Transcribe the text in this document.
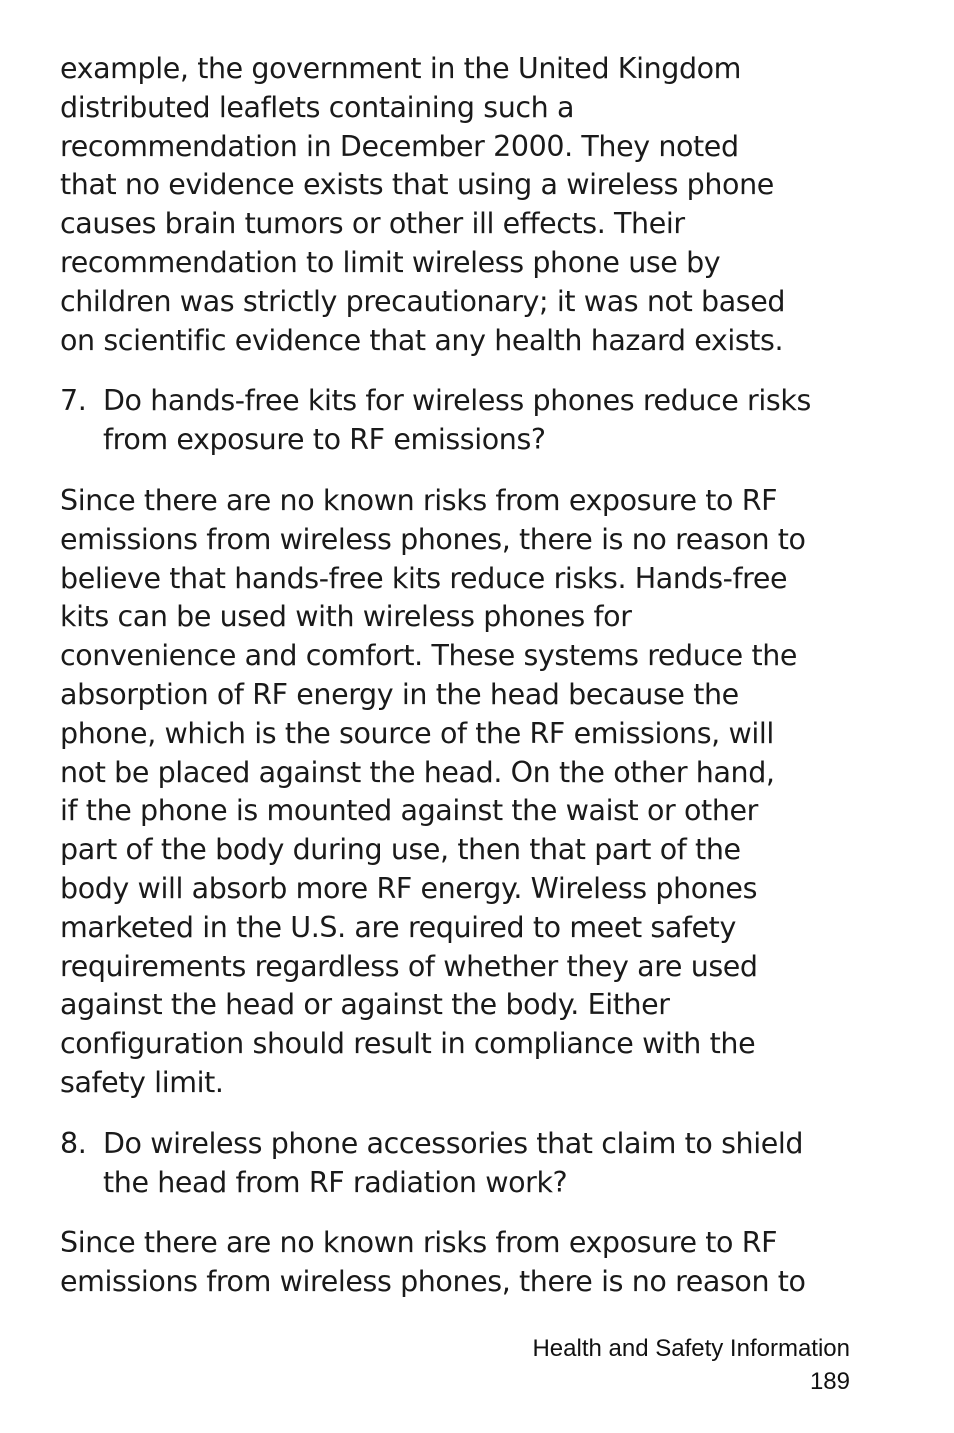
example, the government in the United Kingdom
distributed leaflets containing such a
recommendation in December 2000. They noted
that no evidence exists that using a wireless phone
causes brain tumors or other ill effects. Their
recommendation to limit wireless phone use by
children was strictly precautionary; it was not based
on scientific evidence that any health hazard exists.
7. Do hands-free kits for wireless phones reduce risks
from exposure to RF emissions?
Since there are no known risks from exposure to RF
emissions from wireless phones, there is no reason to
believe that hands-free kits reduce risks. Hands-free
kits can be used with wireless phones for
convenience and comfort. These systems reduce the
absorption of RF energy in the head because the
phone, which is the source of the RF emissions, will
not be placed against the head. On the other hand,
if the phone is mounted against the waist or other
part of the body during use, then that part of the
body will absorb more RF energy. Wireless phones
marketed in the U.S. are required to meet safety
requirements regardless of whether they are used
against the head or against the body. Either
configuration should result in compliance with the
safety limit.
8. Do wireless phone accessories that claim to shield
the head from RF radiation work?
Since there are no known risks from exposure to RF
emissions from wireless phones, there is no reason to
Health and Safety Information
189
